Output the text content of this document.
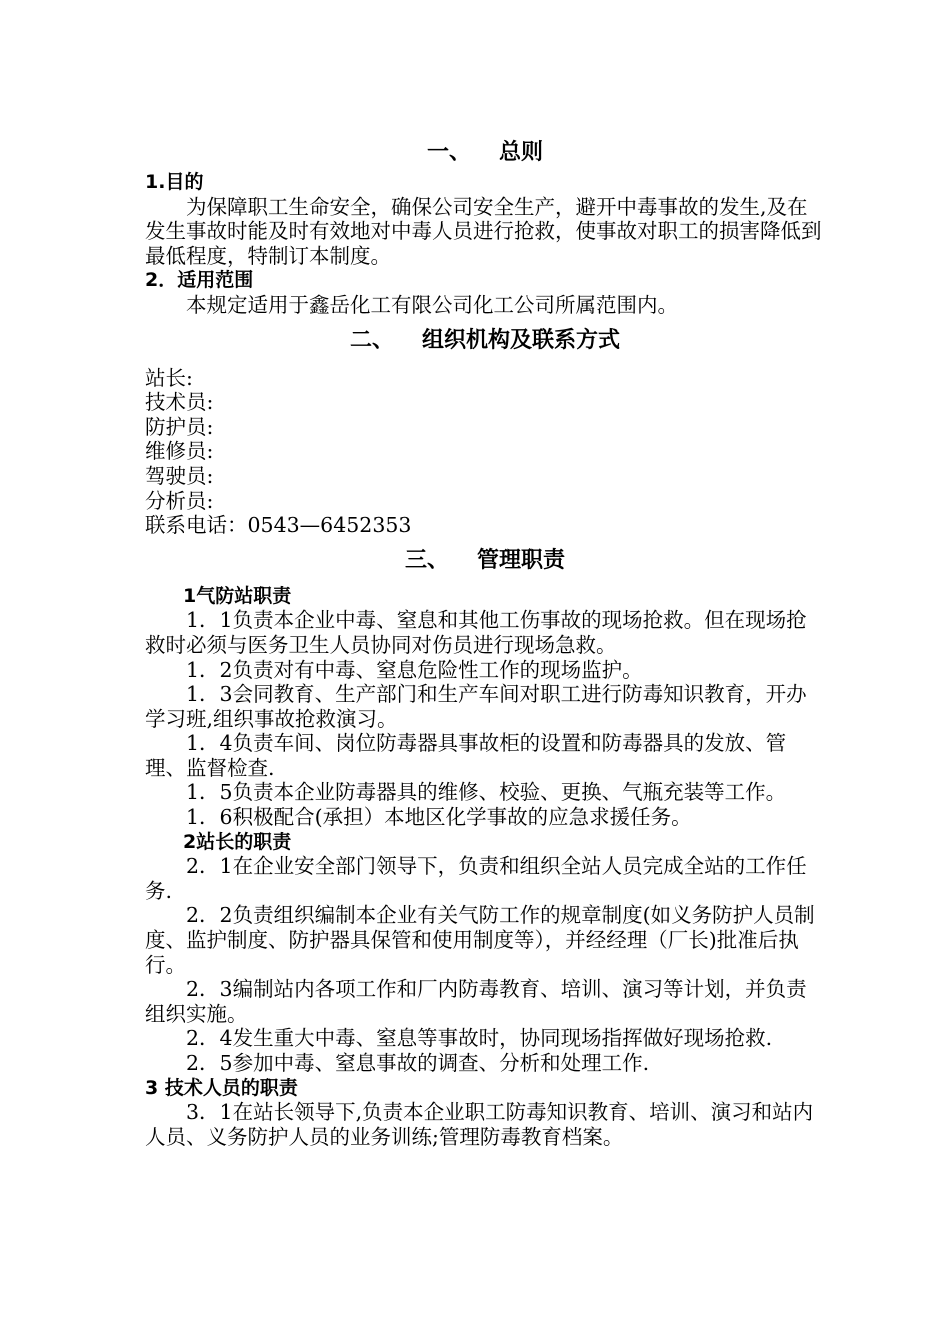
一、 总则

1.目的

为保障职工生命安全，确保公司安全生产，避开中毒事故的发生,及在发生事故时能及时有效地对中毒人员进行抢救，使事故对职工的损害降低到最低程度，特制订本制度。

2．适用范围

本规定适用于鑫岳化工有限公司化工公司所属范围内。

二、 组织机构及联系方式

站长:

技术员:

防护员:

维修员:

驾驶员:

分析员:

联系电话：0543—6452353

三、 管理职责

1气防站职责

1．1负责本企业中毒、窒息和其他工伤事故的现场抢救。但在现场抢救时必须与医务卫生人员协同对伤员进行现场急救。

1．2负责对有中毒、窒息危险性工作的现场监护。

1．3会同教育、生产部门和生产车间对职工进行防毒知识教育，开办学习班,组织事故抢救演习。

1．4负责车间、岗位防毒器具事故柜的设置和防毒器具的发放、管理、监督检查.

1．5负责本企业防毒器具的维修、校验、更换、气瓶充装等工作。

1．6积极配合(承担）本地区化学事故的应急求援任务。

2站长的职责

2．1在企业安全部门领导下，负责和组织全站人员完成全站的工作任务.

2．2负责组织编制本企业有关气防工作的规章制度(如义务防护人员制度、监护制度、防护器具保管和使用制度等），并经经理（厂长)批准后执行。

2．3编制站内各项工作和厂内防毒教育、培训、演习等计划，并负责组织实施。

2．4发生重大中毒、窒息等事故时，协同现场指挥做好现场抢救.

2．5参加中毒、窒息事故的调查、分析和处理工作.

3 技术人员的职责

3．1在站长领导下,负责本企业职工防毒知识教育、培训、演习和站内人员、义务防护人员的业务训练;管理防毒教育档案。
